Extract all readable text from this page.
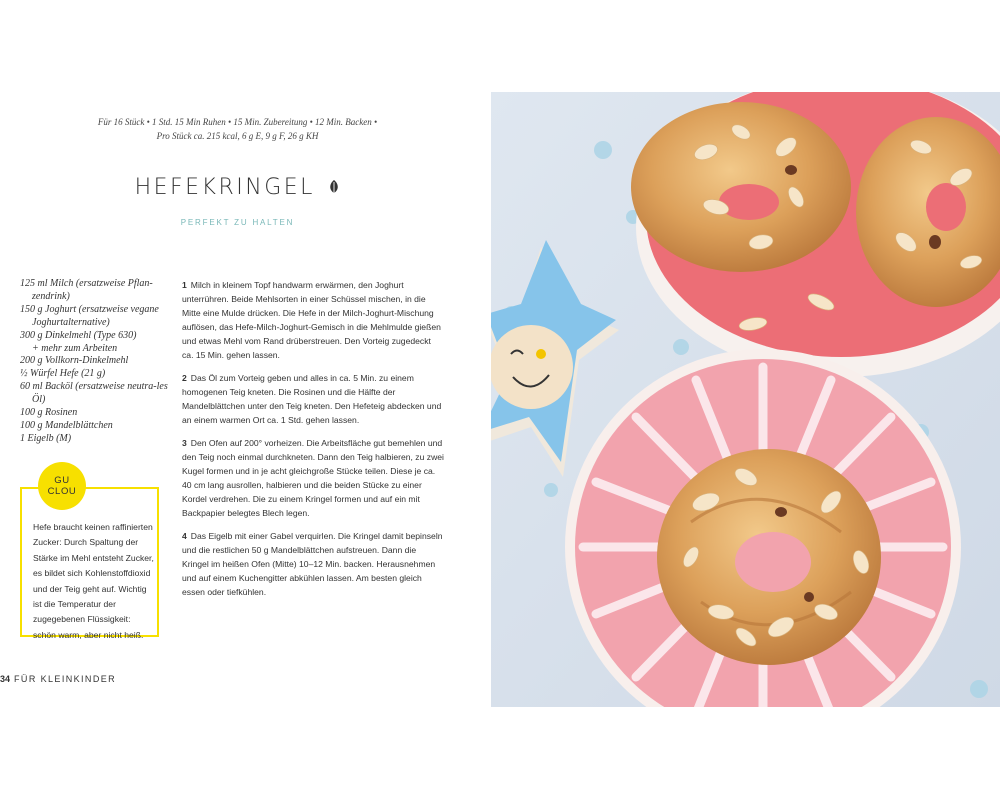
Für 16 Stück • 1 Std. 15 Min Ruhen • 15 Min. Zubereitung • 12 Min. Backen •
Pro Stück ca. 215 kcal, 6 g E, 9 g F, 26 g KH
HEFEKRINGEL
PERFEKT ZU HALTEN
125 ml Milch (ersatzweise Pflan-zendrink)
150 g Joghurt (ersatzweise vegane Joghurtalternative)
300 g Dinkelmehl (Type 630)
+ mehr zum Arbeiten
200 g Vollkorn-Dinkelmehl
½ Würfel Hefe (21 g)
60 ml Backöl (ersatzweise neutra-les Öl)
100 g Rosinen
100 g Mandelblättchen
1 Eigelb (M)

1 Milch in kleinem Topf handwarm erwärmen, den Joghurt unterrühren. Beide Mehlsorten in einer Schüssel mischen, in die Mitte eine Mulde drücken. Die Hefe in der Milch-Joghurt-Mischung auflösen, das Hefe-Milch-Joghurt-Gemisch in die Mehlmulde gießen und etwas Mehl vom Rand drüberstreuen. Den Vorteig zugedeckt ca. 15 Min. gehen lassen.

2 Das Öl zum Vorteig geben und alles in ca. 5 Min. zu einem homogenen Teig kneten. Die Rosinen und die Hälfte der Mandelblättchen unter den Teig kneten. Den Hefeteig abdecken und an einem warmen Ort ca. 1 Std. gehen lassen.

3 Den Ofen auf 200° vorheizen. Die Arbeitsfläche gut bemehlen und den Teig noch einmal durchkneten. Dann den Teig halbieren, zu zwei Kugel formen und in je acht gleichgroße Stücke teilen. Diese je ca. 40 cm lang ausrollen, halbieren und die beiden Stücke zu einer Kordel verdrehen. Die zu einem Kringel formen und auf ein mit Backpapier belegtes Blech legen.

4 Das Eigelb mit einer Gabel verquirlen. Die Kringel damit bepinseln und die restlichen 50 g Mandelblättchen aufstreuen. Dann die Kringel im heißen Ofen (Mitte) 10–12 Min. backen. Herausnehmen und auf einem Kuchengitter abkühlen lassen. Am besten gleich essen oder tiefkühlen.

GU
CLOU
Hefe braucht keinen raffinierten Zucker: Durch Spaltung der Stärke im Mehl entsteht Zucker, es bildet sich Kohlenstoffdioxid und der Teig geht auf. Wichtig ist die Temperatur der zugegebenen Flüssigkeit: schön warm, aber nicht heiß.
34 FÜR KLEINKINDER
